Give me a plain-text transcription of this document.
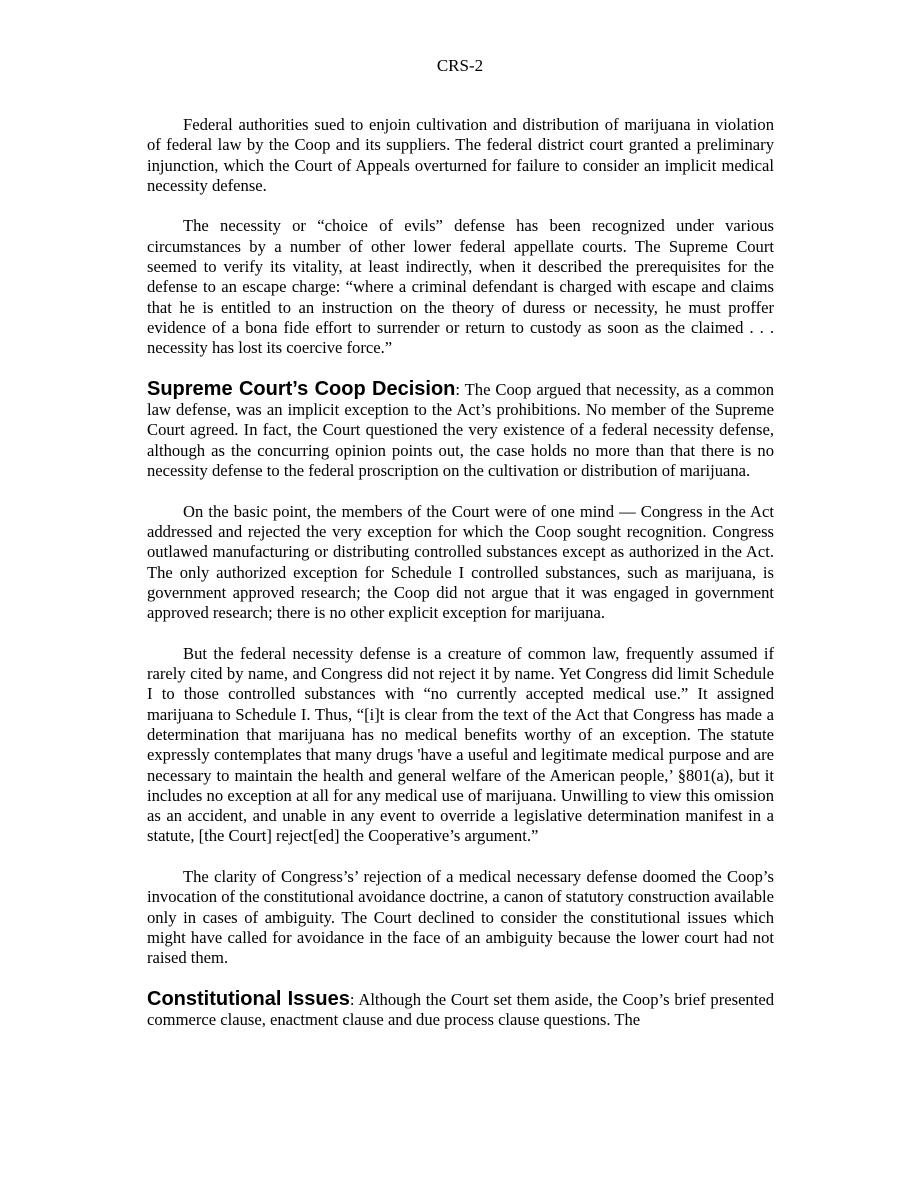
CRS-2

Federal authorities sued to enjoin cultivation and distribution of marijuana in violation of federal law by the Coop and its suppliers. The federal district court granted a preliminary injunction, which the Court of Appeals overturned for failure to consider an implicit medical necessity defense.

The necessity or “choice of evils” defense has been recognized under various circumstances by a number of other lower federal appellate courts. The Supreme Court seemed to verify its vitality, at least indirectly, when it described the prerequisites for the defense to an escape charge: “where a criminal defendant is charged with escape and claims that he is entitled to an instruction on the theory of duress or necessity, he must proffer evidence of a bona fide effort to surrender or return to custody as soon as the claimed . . . necessity has lost its coercive force.”

Supreme Court’s Coop Decision: The Coop argued that necessity, as a common law defense, was an implicit exception to the Act’s prohibitions. No member of the Supreme Court agreed. In fact, the Court questioned the very existence of a federal necessity defense, although as the concurring opinion points out, the case holds no more than that there is no necessity defense to the federal proscription on the cultivation or distribution of marijuana.

On the basic point, the members of the Court were of one mind — Congress in the Act addressed and rejected the very exception for which the Coop sought recognition. Congress outlawed manufacturing or distributing controlled substances except as authorized in the Act. The only authorized exception for Schedule I controlled substances, such as marijuana, is government approved research; the Coop did not argue that it was engaged in government approved research; there is no other explicit exception for marijuana.

But the federal necessity defense is a creature of common law, frequently assumed if rarely cited by name, and Congress did not reject it by name. Yet Congress did limit Schedule I to those controlled substances with “no currently accepted medical use.” It assigned marijuana to Schedule I. Thus, “[i]t is clear from the text of the Act that Congress has made a determination that marijuana has no medical benefits worthy of an exception. The statute expressly contemplates that many drugs 'have a useful and legitimate medical purpose and are necessary to maintain the health and general welfare of the American people,’ §801(a), but it includes no exception at all for any medical use of marijuana. Unwilling to view this omission as an accident, and unable in any event to override a legislative determination manifest in a statute, [the Court] reject[ed] the Cooperative’s argument.”

The clarity of Congress’s’ rejection of a medical necessary defense doomed the Coop’s invocation of the constitutional avoidance doctrine, a canon of statutory construction available only in cases of ambiguity. The Court declined to consider the constitutional issues which might have called for avoidance in the face of an ambiguity because the lower court had not raised them.

Constitutional Issues: Although the Court set them aside, the Coop’s brief presented commerce clause, enactment clause and due process clause questions. The
